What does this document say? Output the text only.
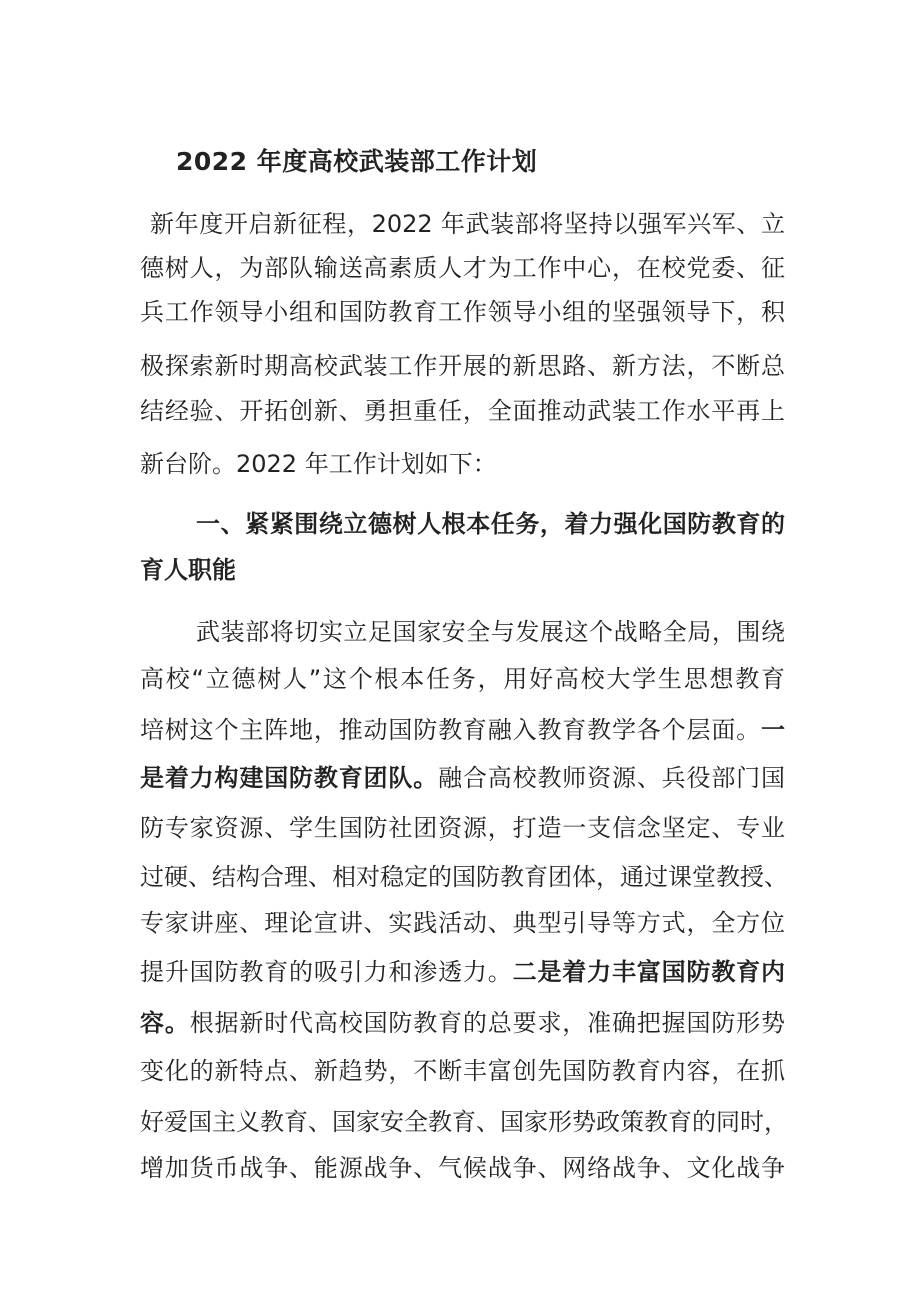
2022 年度高校武装部工作计划
新年度开启新征程，2022 年武装部将坚持以强军兴军、立
德树人，为部队输送高素质人才为工作中心，在校党委、征
兵工作领导小组和国防教育工作领导小组的坚强领导下，积
极探索新时期高校武装工作开展的新思路、新方法，不断总
结经验、开拓创新、勇担重任，全面推动武装工作水平再上
新台阶。2022 年工作计划如下：
一、紧紧围绕立德树人根本任务，着力强化国防教育的
育人职能
武装部将切实立足国家安全与发展这个战略全局，围绕
高校“立德树人”这个根本任务，用好高校大学生思想教育
培树这个主阵地，推动国防教育融入教育教学各个层面。一
是着力构建国防教育团队。融合高校教师资源、兵役部门国
防专家资源、学生国防社团资源，打造一支信念坚定、专业
过硬、结构合理、相对稳定的国防教育团体，通过课堂教授、
专家讲座、理论宣讲、实践活动、典型引导等方式，全方位
提升国防教育的吸引力和渗透力。二是着力丰富国防教育内
容。根据新时代高校国防教育的总要求，准确把握国防形势
变化的新特点、新趋势，不断丰富创先国防教育内容，在抓
好爱国主义教育、国家安全教育、国家形势政策教育的同时，
增加货币战争、能源战争、气候战争、网络战争、文化战争
